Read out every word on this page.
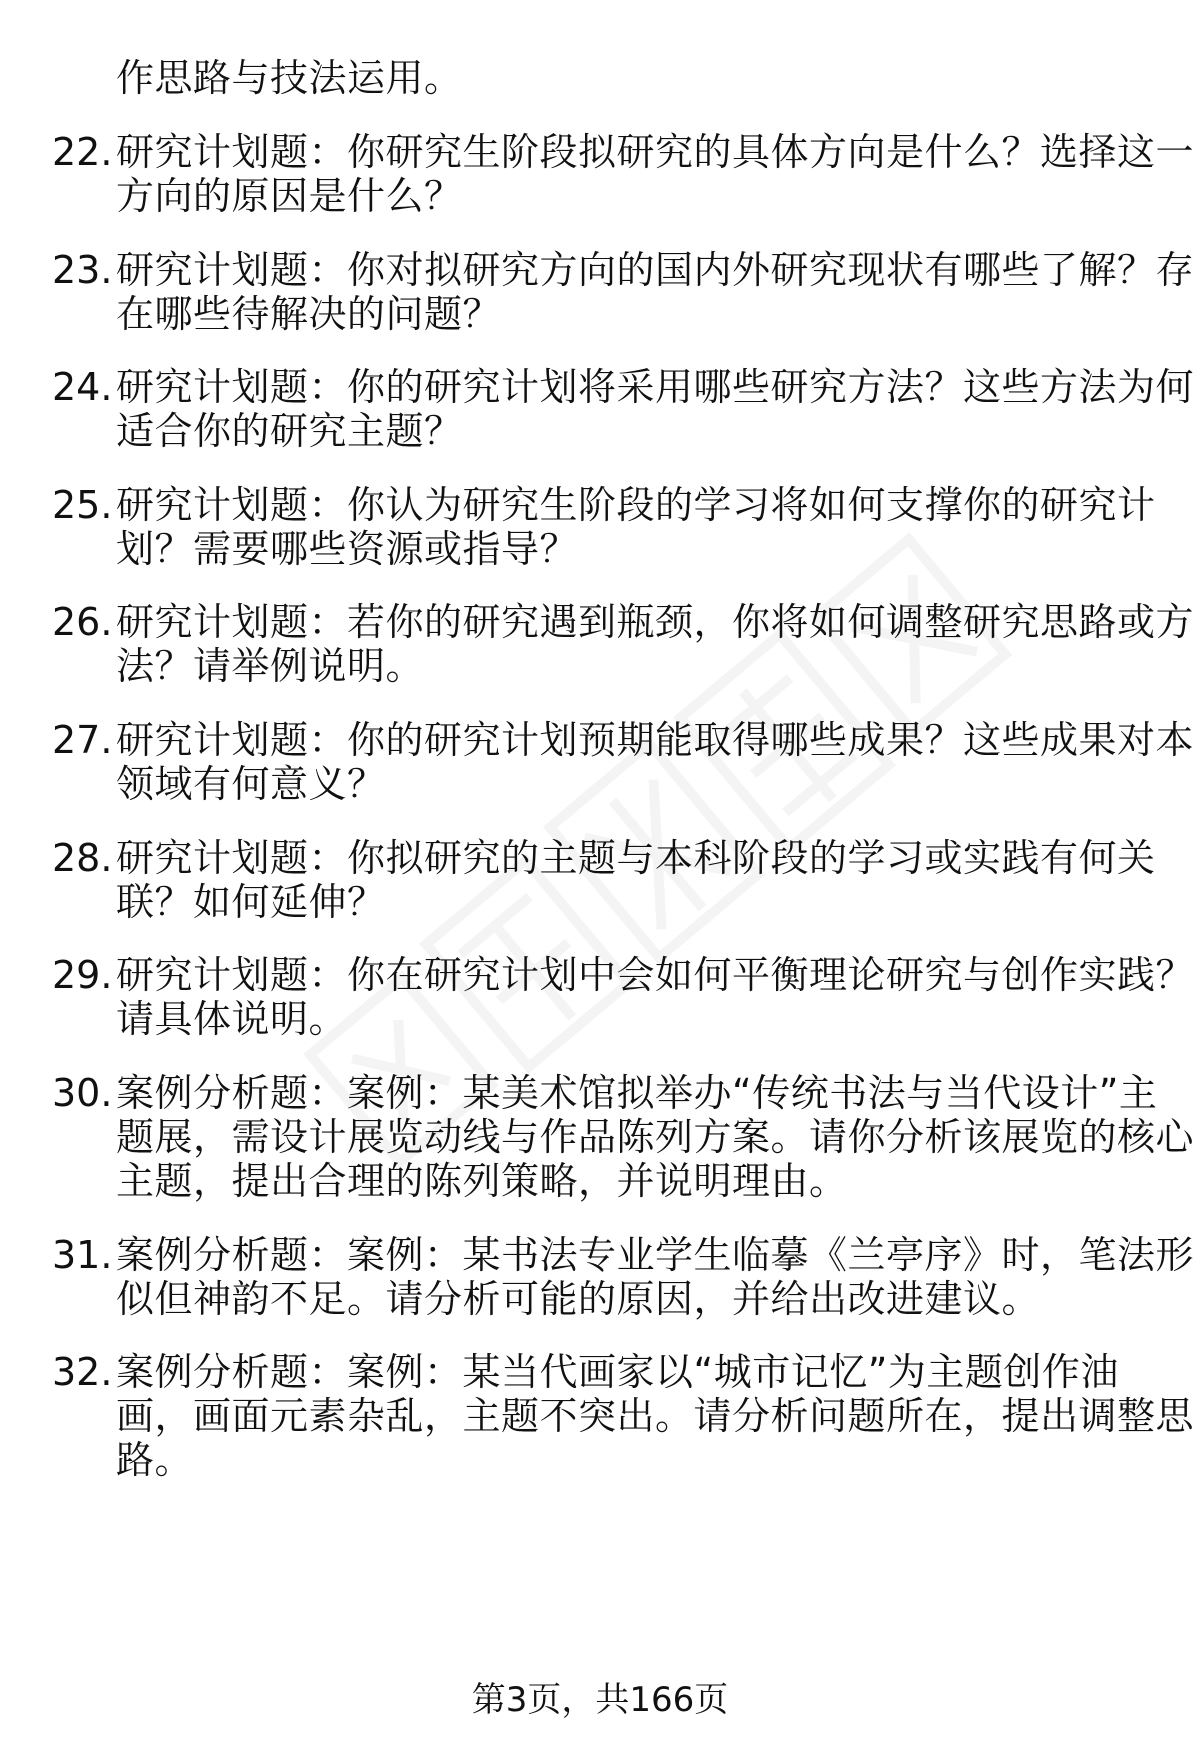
作思路与技法运用。
22. 研究计划题：你研究生阶段拟研究的具体方向是什么？选择这一
方向的原因是什么？
23. 研究计划题：你对拟研究方向的国内外研究现状有哪些了解？存
在哪些待解决的问题？
24. 研究计划题：你的研究计划将采用哪些研究方法？这些方法为何
适合你的研究主题？
25. 研究计划题：你认为研究生阶段的学习将如何支撑你的研究计
划？需要哪些资源或指导？
26. 研究计划题：若你的研究遇到瓶颈，你将如何调整研究思路或方
法？请举例说明。
27. 研究计划题：你的研究计划预期能取得哪些成果？这些成果对本
领域有何意义？
28. 研究计划题：你拟研究的主题与本科阶段的学习或实践有何关
联？如何延伸？
29. 研究计划题：你在研究计划中会如何平衡理论研究与创作实践？
请具体说明。
30. 案例分析题：案例：某美术馆拟举办“传统书法与当代设计”主
题展，需设计展览动线与作品陈列方案。请你分析该展览的核心
主题，提出合理的陈列策略，并说明理由。
31. 案例分析题：案例：某书法专业学生临摹《兰亭序》时，笔法形
似但神韵不足。请分析可能的原因，并给出改进建议。
32. 案例分析题：案例：某当代画家以“城市记忆”为主题创作油
画，画面元素杂乱，主题不突出。请分析问题所在，提出调整思
路。
第3页，共166页
